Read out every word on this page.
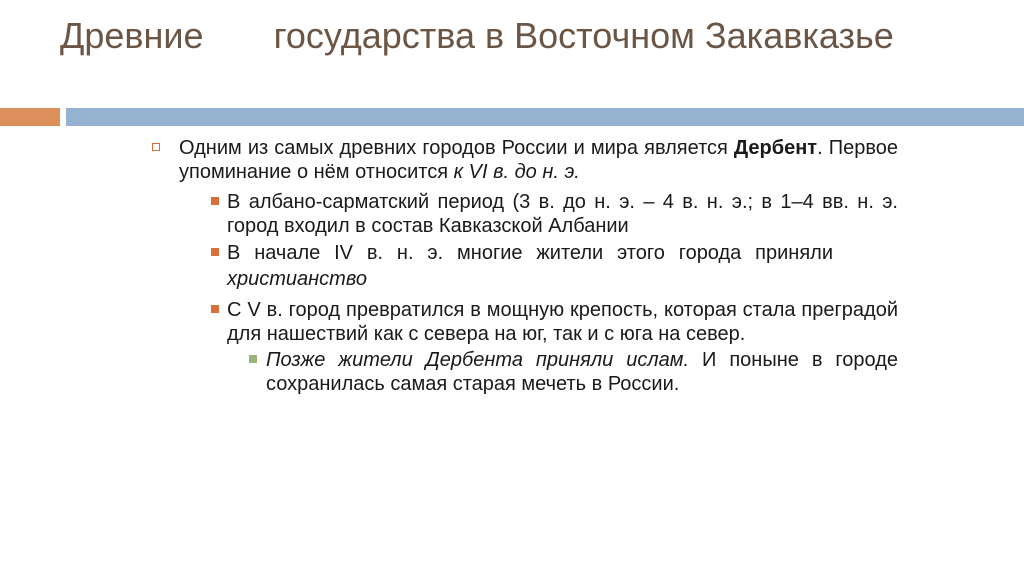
Древние       государства в Восточном Закавказье
Одним из самых древних городов России и мира является Дербент. Первое упоминание о нём относится к VI в. до н. э.
В албано-сарматский период (3 в. до н. э. – 4 в. н. э.; в 1–4 вв. н. э. город входил в состав Кавказской Албании
В начале IV в. н. э. многие жители этого города приняли христианство
С V в. город превратился в мощную крепость, которая стала преградой для нашествий как с севера на юг, так и с юга на север.
Позже жители Дербента приняли ислам. И поныне в городе сохранилась самая старая мечеть в России.
